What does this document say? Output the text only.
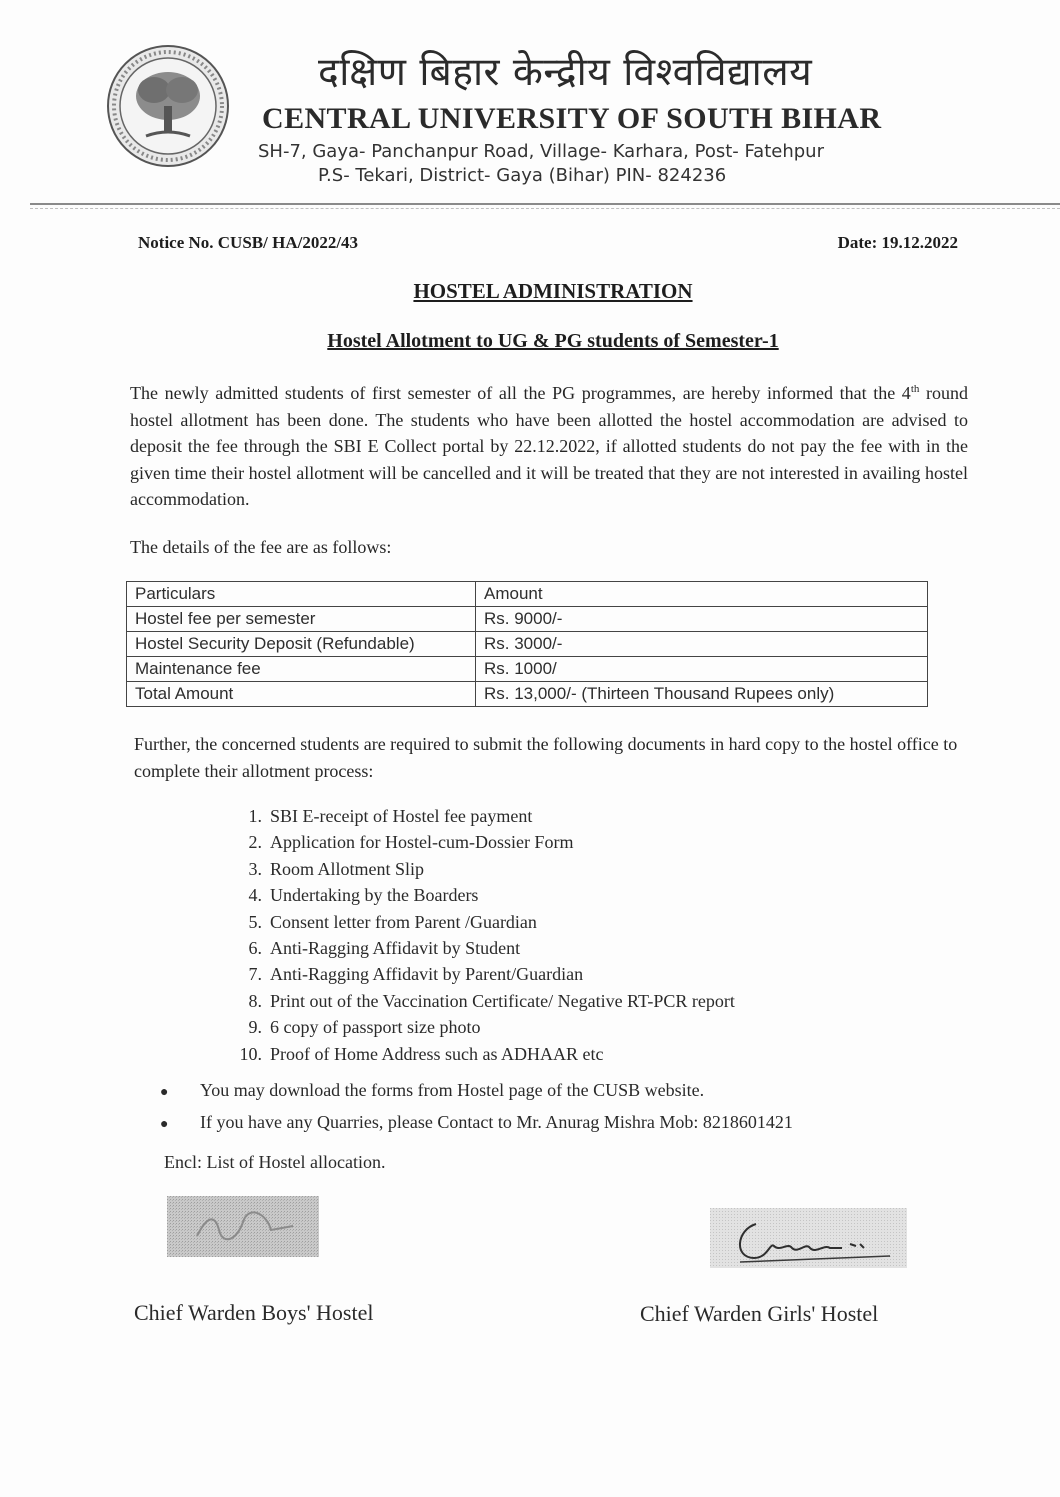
दक्षिण बिहार केन्द्रीय विश्वविद्यालय
CENTRAL UNIVERSITY OF SOUTH BIHAR
SH-7, Gaya- Panchanpur Road, Village- Karhara, Post- Fatehpur
P.S- Tekari, District- Gaya (Bihar) PIN- 824236
Notice No. CUSB/ HA/2022/43	Date: 19.12.2022
HOSTEL ADMINISTRATION
Hostel Allotment to UG & PG students of Semester-1
The newly admitted students of first semester of all the PG programmes, are hereby informed that the 4th round hostel allotment has been done. The students who have been allotted the hostel accommodation are advised to deposit the fee through the SBI E Collect portal by 22.12.2022, if allotted students do not pay the fee with in the given time their hostel allotment will be cancelled and it will be treated that they are not interested in availing hostel accommodation.
The details of the fee are as follows:
Particulars	Amount
Hostel fee per semester	Rs. 9000/-
Hostel Security Deposit (Refundable)	Rs. 3000/-
Maintenance fee	Rs. 1000/
Total Amount	Rs. 13,000/- (Thirteen Thousand Rupees only)
Further, the concerned students are required to submit the following documents in hard copy to the hostel office to complete their allotment process:
1. SBI E-receipt of Hostel fee payment
2. Application for Hostel-cum-Dossier Form
3. Room Allotment Slip
4. Undertaking by the Boarders
5. Consent letter from Parent /Guardian
6. Anti-Ragging Affidavit by Student
7. Anti-Ragging Affidavit by Parent/Guardian
8. Print out of the Vaccination Certificate/ Negative RT-PCR report
9. 6 copy of passport size photo
10. Proof of Home Address such as ADHAAR etc
● You may download the forms from Hostel page of the CUSB website.
● If you have any Quarries, please Contact to Mr. Anurag Mishra Mob: 8218601421
Encl: List of Hostel allocation.
Chief Warden Boys' Hostel	Chief Warden Girls' Hostel
